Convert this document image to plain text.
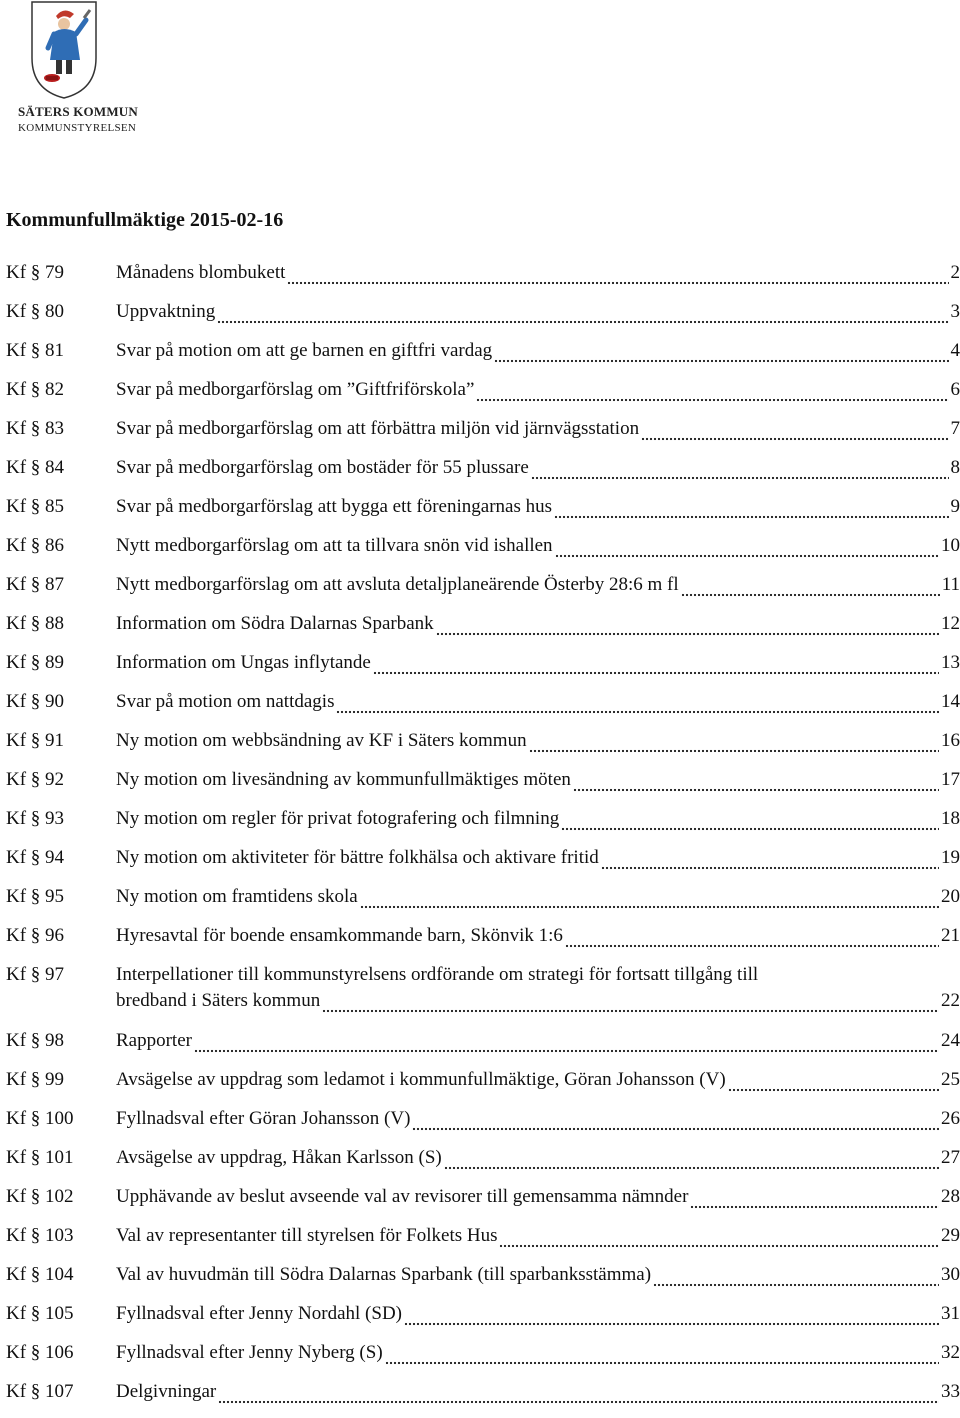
SÄTERS KOMMUN
KOMMUNSTYRELSEN
Kommunfullmäktige 2015-02-16
Kf § 79	Månadens blombukett	2
Kf § 80	Uppvaktning	3
Kf § 81	Svar på motion om att ge barnen en giftfri vardag	4
Kf § 82	Svar på medborgarförslag om ”Giftfriförskola”	6
Kf § 83	Svar på medborgarförslag om att förbättra miljön vid järnvägsstation	7
Kf § 84	Svar på medborgarförslag om bostäder för 55 plussare	8
Kf § 85	Svar på medborgarförslag att bygga ett föreningarnas hus	9
Kf § 86	Nytt medborgarförslag om att ta tillvara snön vid ishallen	10
Kf § 87	Nytt medborgarförslag om att avsluta detaljplaneärende Österby 28:6 m fl	11
Kf § 88	Information om Södra Dalarnas Sparbank	12
Kf § 89	Information om Ungas inflytande	13
Kf § 90	Svar på motion om nattdagis	14
Kf § 91	Ny motion om webbsändning av KF i Säters kommun	16
Kf § 92	Ny motion om livesändning av kommunfullmäktiges möten	17
Kf § 93	Ny motion om regler för privat fotografering och filmning	18
Kf § 94	Ny motion om aktiviteter för bättre folkhälsa och aktivare fritid	19
Kf § 95	Ny motion om framtidens skola	20
Kf § 96	Hyresavtal för boende ensamkommande barn, Skönvik 1:6	21
Kf § 97	Interpellationer till kommunstyrelsens ordförande om strategi för fortsatt tillgång till
bredband i Säters kommun	22
Kf § 98	Rapporter	24
Kf § 99	Avsägelse av uppdrag som ledamot i kommunfullmäktige, Göran Johansson (V)	25
Kf § 100	Fyllnadsval efter Göran Johansson (V)	26
Kf § 101	Avsägelse av uppdrag, Håkan Karlsson (S)	27
Kf § 102	Upphävande av beslut avseende val av revisorer till gemensamma nämnder	28
Kf § 103	Val av representanter till styrelsen för Folkets Hus	29
Kf § 104	Val av huvudmän till Södra Dalarnas Sparbank (till sparbanksstämma)	30
Kf § 105	Fyllnadsval efter Jenny Nordahl (SD)	31
Kf § 106	Fyllnadsval efter Jenny Nyberg (S)	32
Kf § 107	Delgivningar	33
